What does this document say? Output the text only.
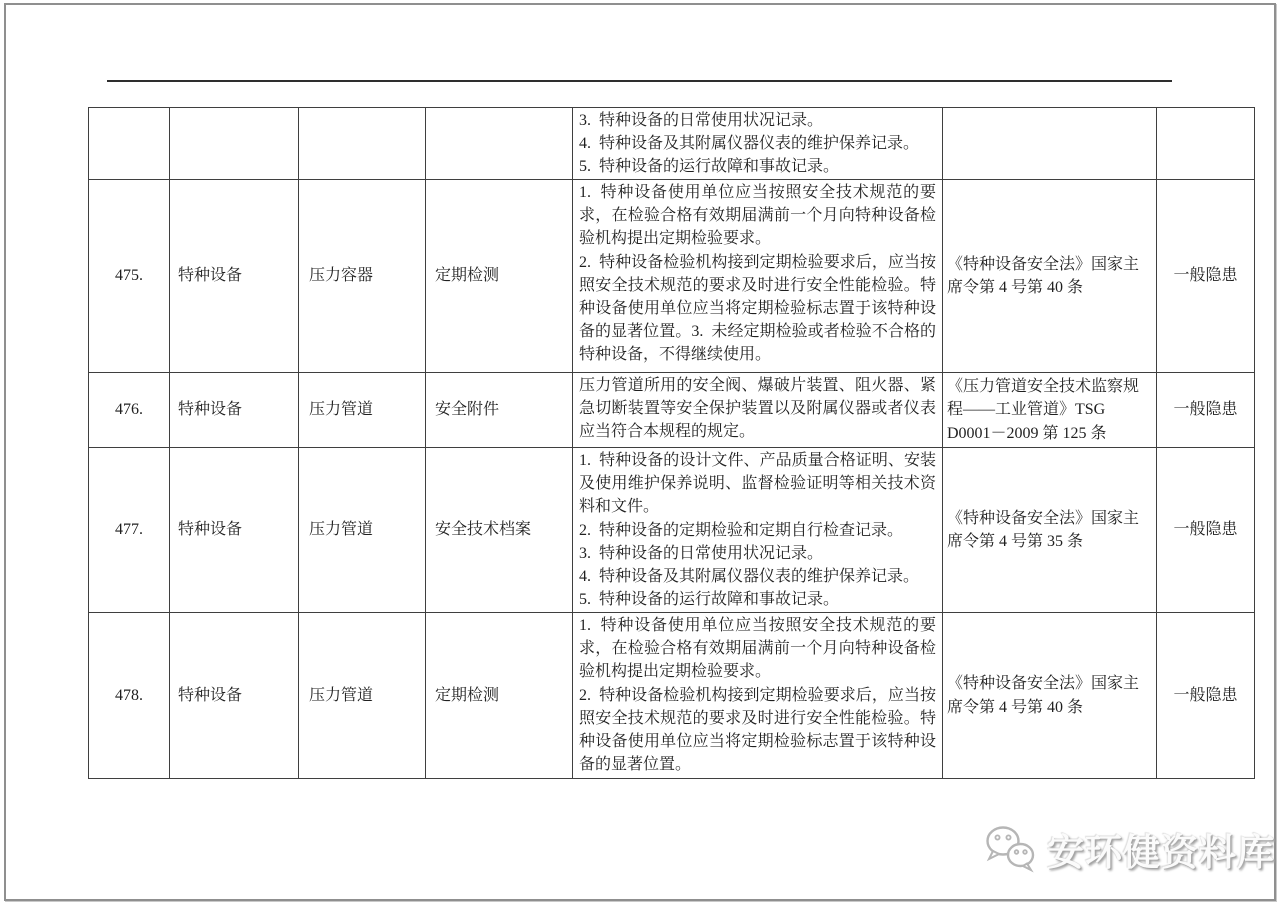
				3.  特种设备的日常使用状况记录。

4.  特种设备及其附属仪器仪表的维护保养记录。

5.  特种设备的运行故障和事故记录。		

475.	特种设备	压力容器	定期检测	1.  特种设备使用单位应当按照安全技术规范的要求，在检验合格有效期届满前一个月向特种设备检验机构提出定期检验要求。

2.  特种设备检验机构接到定期检验要求后，应当按照安全技术规范的要求及时进行安全性能检验。特种设备使用单位应当将定期检验标志置于该特种设备的显著位置。3.  未经定期检验或者检验不合格的特种设备，不得继续使用。	《特种设备安全法》国家主席令第 4 号第 40 条	一般隐患
476.	特种设备	压力管道	安全附件	压力管道所用的安全阀、爆破片装置、阻火器、紧急切断装置等安全保护装置以及附属仪器或者仪表应当符合本规程的规定。	《压力管道安全技术监察规程——工业管道》TSG D0001－2009 第 125 条	一般隐患
477.	特种设备	压力管道	安全技术档案	1.  特种设备的设计文件、产品质量合格证明、安装及使用维护保养说明、监督检验证明等相关技术资料和文件。

2.  特种设备的定期检验和定期自行检查记录。

3.  特种设备的日常使用状况记录。

4.  特种设备及其附属仪器仪表的维护保养记录。

5.  特种设备的运行故障和事故记录。	《特种设备安全法》国家主席令第 4 号第 35 条	一般隐患
478.	特种设备	压力管道	定期检测	1.  特种设备使用单位应当按照安全技术规范的要求，在检验合格有效期届满前一个月向特种设备检验机构提出定期检验要求。

2.  特种设备检验机构接到定期检验要求后，应当按照安全技术规范的要求及时进行安全性能检验。特种设备使用单位应当将定期检验标志置于该特种设备的显著位置。	《特种设备安全法》国家主席令第 4 号第 40 条	一般隐患
安环健资料库
